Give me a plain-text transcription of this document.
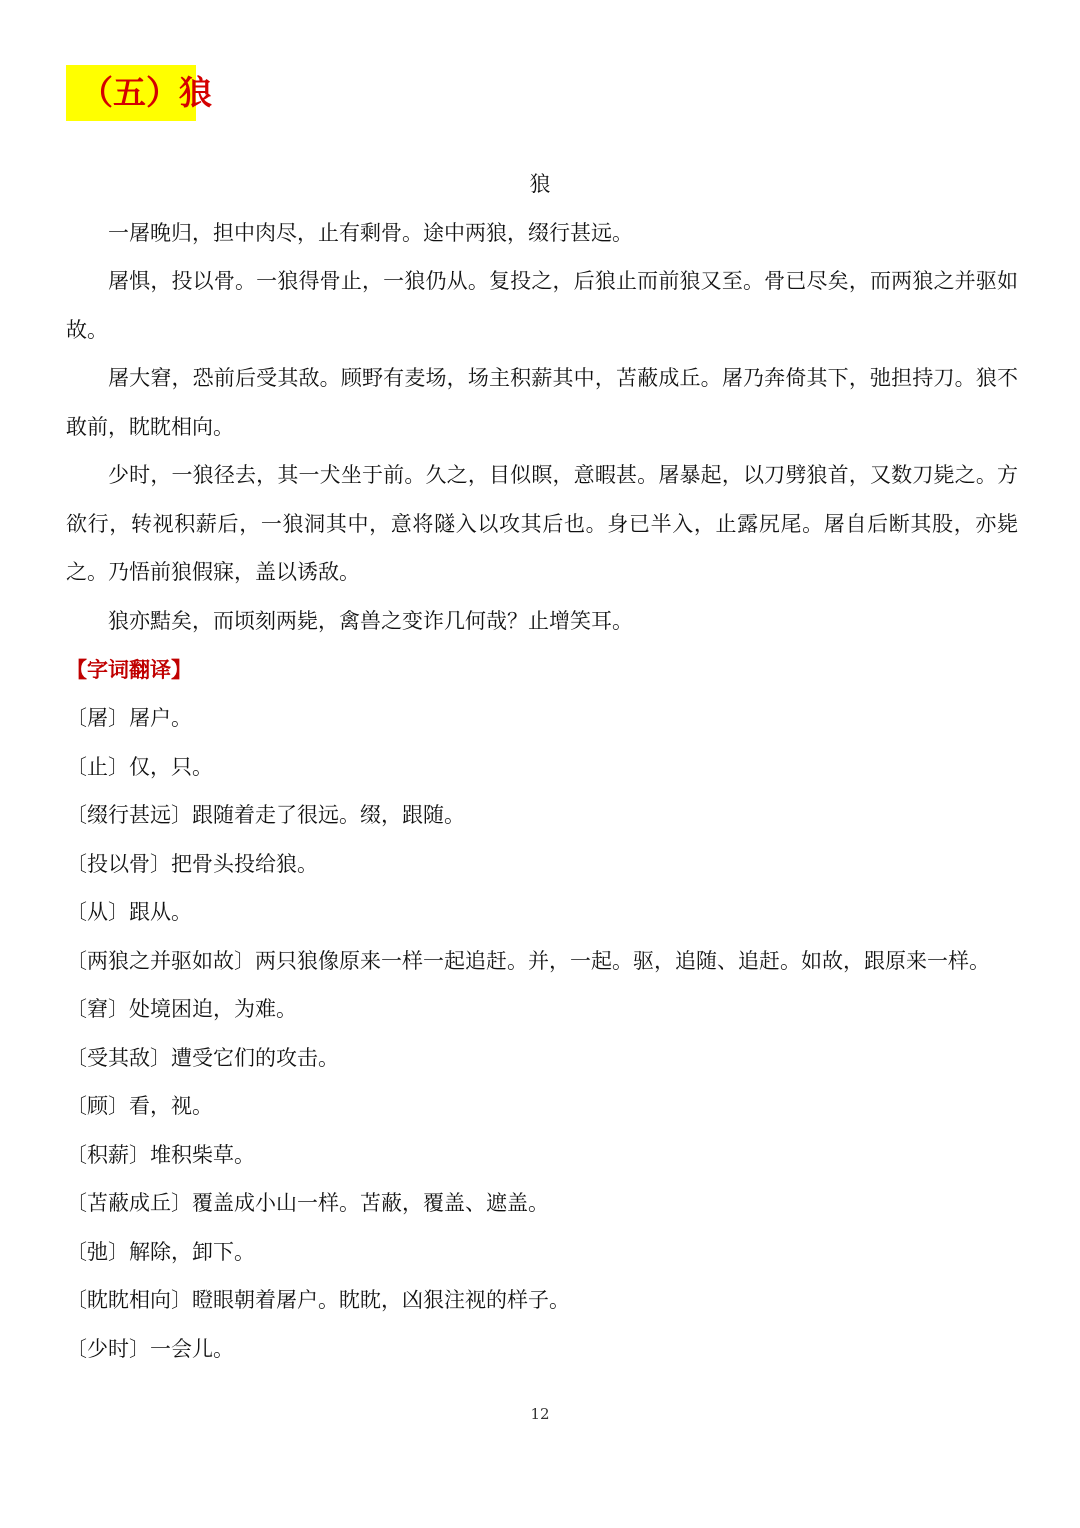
（五）狼
狼

一屠晚归，担中肉尽，止有剩骨。途中两狼，缀行甚远。

屠惧，投以骨。一狼得骨止，一狼仍从。复投之，后狼止而前狼又至。骨已尽矣，而两狼之并驱如故。

屠大窘，恐前后受其敌。顾野有麦场，场主积薪其中，苫蔽成丘。屠乃奔倚其下，弛担持刀。狼不敢前，眈眈相向。

少时，一狼径去，其一犬坐于前。久之，目似瞑，意暇甚。屠暴起，以刀劈狼首，又数刀毙之。方欲行，转视积薪后，一狼洞其中，意将隧入以攻其后也。身已半入，止露尻尾。屠自后断其股，亦毙之。乃悟前狼假寐，盖以诱敌。

狼亦黠矣，而顷刻两毙，禽兽之变诈几何哉？止增笑耳。

【字词翻译】
〔屠〕屠户。
〔止〕仅，只。
〔缀行甚远〕跟随着走了很远。缀，跟随。
〔投以骨〕把骨头投给狼。
〔从〕跟从。
〔两狼之并驱如故〕两只狼像原来一样一起追赶。并，一起。驱，追随、追赶。如故，跟原来一样。
〔窘〕处境困迫，为难。
〔受其敌〕遭受它们的攻击。
〔顾〕看，视。
〔积薪〕堆积柴草。
〔苫蔽成丘〕覆盖成小山一样。苫蔽，覆盖、遮盖。
〔弛〕解除，卸下。
〔眈眈相向〕瞪眼朝着屠户。眈眈，凶狠注视的样子。
〔少时〕一会儿。
12
